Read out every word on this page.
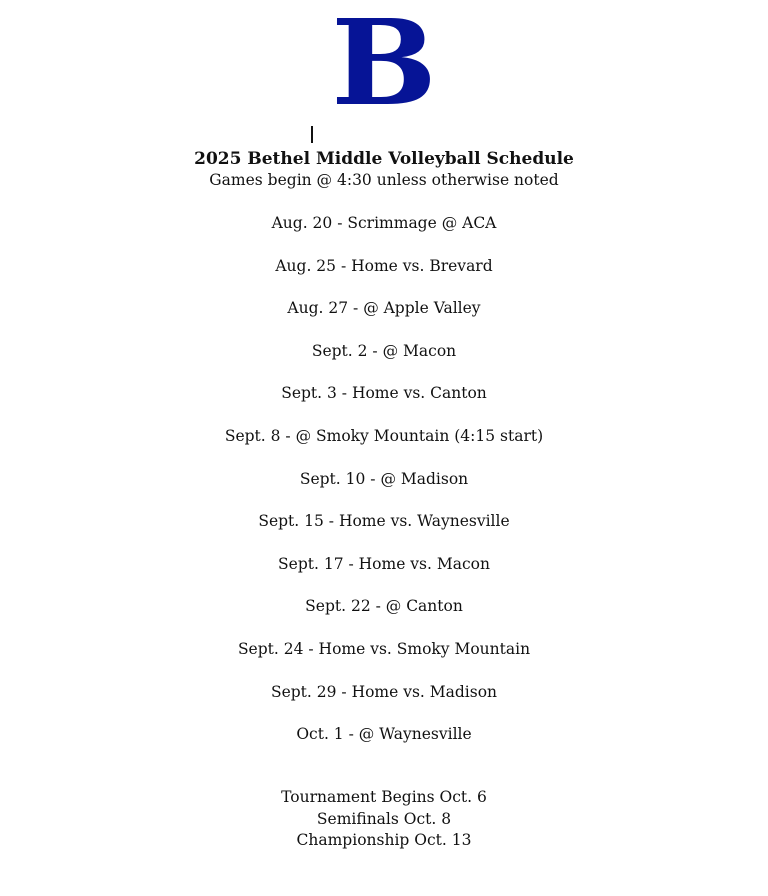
B
2025 Bethel Middle Volleyball Schedule
Games begin @ 4:30 unless otherwise noted
Aug. 20 - Scrimmage @ ACA
Aug. 25 - Home vs. Brevard
Aug. 27 - @ Apple Valley
Sept. 2 - @ Macon
Sept. 3 - Home vs. Canton
Sept. 8 - @ Smoky Mountain (4:15 start)
Sept. 10 - @ Madison
Sept. 15 - Home vs. Waynesville
Sept. 17 - Home vs. Macon
Sept. 22 - @ Canton
Sept. 24 - Home vs. Smoky Mountain
Sept. 29 - Home vs. Madison
Oct. 1 - @ Waynesville
Tournament Begins Oct. 6
Semifinals Oct. 8
Championship Oct. 13
